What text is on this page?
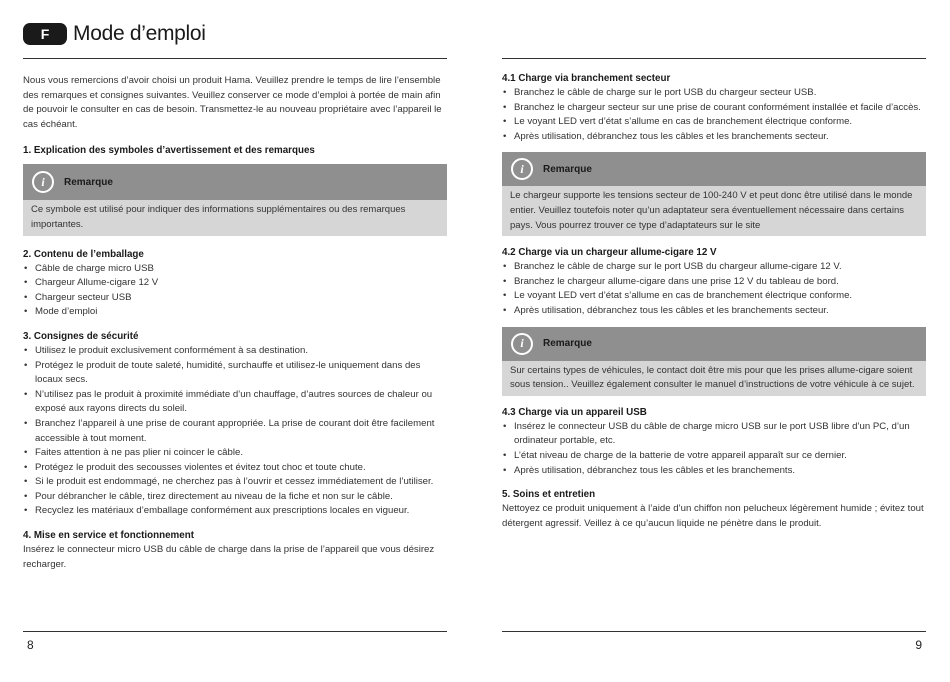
F	Mode d’emploi

Nous vous remercions d’avoir choisi un produit Hama. Veuillez prendre le temps de lire l’ensemble des remarques et consignes suivantes. Veuillez conserver ce mode d’emploi à portée de main afin de pouvoir le consulter en cas de besoin. Transmettez-le au nouveau propriétaire avec l’appareil le cas échéant.

1. Explication des symboles d’avertissement et des remarques
i	Remarque
Ce symbole est utilisé pour indiquer des informations supplémentaires ou des remarques importantes.
2. Contenu de l’emballage
• Câble de charge micro USB
• Chargeur Allume-cigare 12 V
• Chargeur secteur USB
• Mode d’emploi
3. Consignes de sécurité
• Utilisez le produit exclusivement conformément à sa destination.
• Protégez le produit de toute saleté, humidité, surchauffe et utilisez-le uniquement dans des locaux secs.
• N’utilisez pas le produit à proximité immédiate d’un chauffage, d’autres sources de chaleur ou exposé aux rayons directs du soleil.
• Branchez l’appareil à une prise de courant appropriée. La prise de courant doit être facilement accessible à tout moment.
• Faites attention à ne pas plier ni coincer le câble.
• Protégez le produit des secousses violentes et évitez tout choc et toute chute.
• Si le produit est endommagé, ne cherchez pas à l’ouvrir et cessez immédiatement de l’utiliser.
• Pour débrancher le câble, tirez directement au niveau de la fiche et non sur le câble.
• Recyclez les matériaux d’emballage conformément aux prescriptions locales en vigueur.
4. Mise en service et fonctionnement

Insérez le connecteur micro USB du câble de charge dans la prise de l’appareil que vous désirez recharger.

8
4.1 Charge via branchement secteur
• Branchez le câble de charge sur le port USB du chargeur secteur USB.
• Branchez le chargeur secteur sur une prise de courant conformément installée et facile d’accès.
• Le voyant LED vert d’état s’allume en cas de branchement électrique conforme.
• Après utilisation, débranchez tous les câbles et les branchements secteur.
i	Remarque
Le chargeur supporte les tensions secteur de 100-240 V et peut donc être utilisé dans le monde entier. Veuillez toutefois noter qu’un adaptateur sera éventuellement nécessaire dans certains pays. Vous pourrez trouver ce type d’adaptateurs sur le site
4.2 Charge via un chargeur allume-cigare 12 V
• Branchez le câble de charge sur le port USB du chargeur allume-cigare 12 V.
• Branchez le chargeur allume-cigare dans une prise 12 V du tableau de bord.
• Le voyant LED vert d’état s’allume en cas de branchement électrique conforme.
• Après utilisation, débranchez tous les câbles et les branchements secteur.
i	Remarque
Sur certains types de véhicules, le contact doit être mis pour que les prises allume-cigare soient sous tension.. Veuillez également consulter le manuel d’instructions de votre véhicule à ce sujet.
4.3 Charge via un appareil USB
• Insérez le connecteur USB du câble de charge micro USB sur le port USB libre d’un PC, d’un ordinateur portable, etc.
• L’état niveau de charge de la batterie de votre appareil apparaît sur ce dernier.
• Après utilisation, débranchez tous les câbles et les branchements.
5. Soins et entretien

Nettoyez ce produit uniquement à l’aide d’un chiffon non pelucheux légèrement humide ; évitez tout détergent agressif. Veillez à ce qu’aucun liquide ne pénètre dans le produit.

9
